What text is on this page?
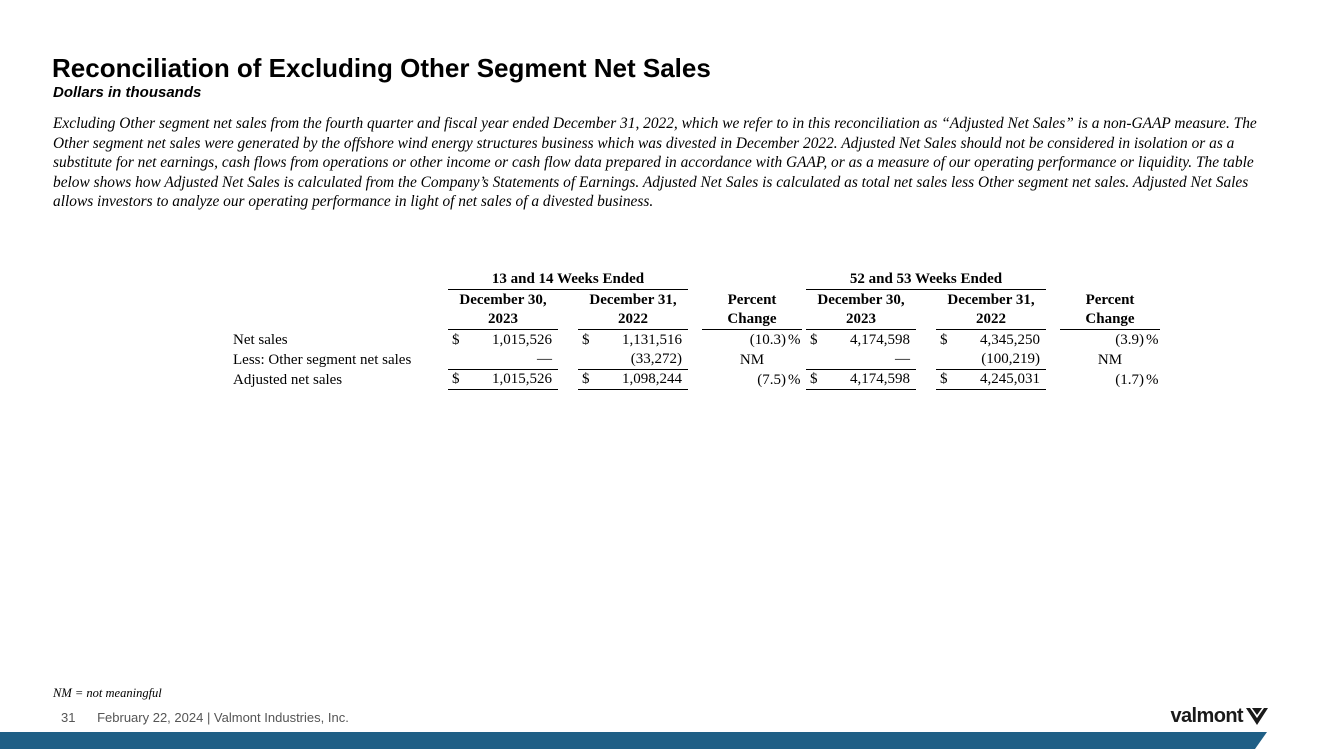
Reconciliation of Excluding Other Segment Net Sales
Dollars in thousands

Excluding Other segment net sales from the fourth quarter and fiscal year ended December 31, 2022, which we refer to in this reconciliation as “Adjusted Net Sales” is a non-GAAP measure. The Other segment net sales were generated by the offshore wind energy structures business which was divested in December 2022. Adjusted Net Sales should not be considered in isolation or as a substitute for net earnings, cash flows from operations or other income or cash flow data prepared in accordance with GAAP, or as a measure of our operating performance or liquidity. The table below shows how Adjusted Net Sales is calculated from the Company’s Statements of Earnings. Adjusted Net Sales is calculated as total net sales less Other segment net sales. Adjusted Net Sales allows investors to analyze our operating performance in light of net sales of a divested business.

	13 and 14 Weeks Ended									52 and 53 Weeks Ended							
	December 30,			December 31,			Percent			December 30,			December 31,			Percent	
	2023			2022			Change			2023			2022			Change	
Net sales	$	1,015,526		$	1,131,516		(10.3)	%		$	4,174,598		$	4,345,250		(3.9)	%
Less: Other segment net sales		—			(33,272)		NM				—			(100,219)		NM	
Adjusted net sales	$	1,015,526		$	1,098,244		(7.5)	%		$	4,174,598		$	4,245,031		(1.7)	%
NM = not meaningful
31 February 22, 2024 | Valmont Industries, Inc.	valmont
